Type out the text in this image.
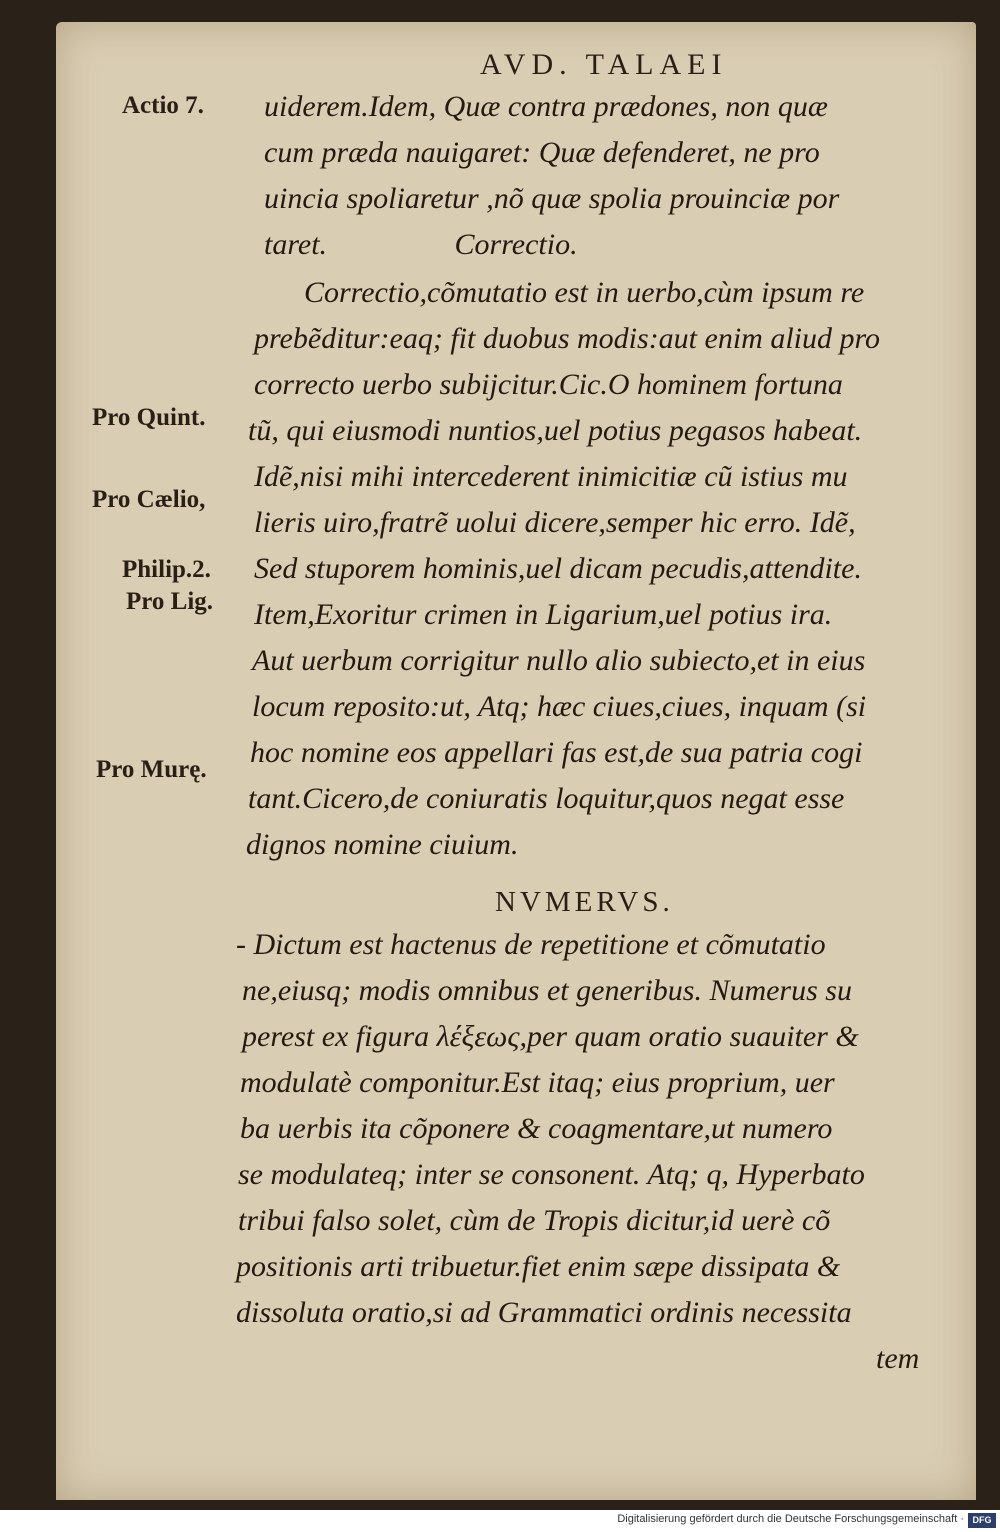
AVD. TALAEI
Actio 7.
Pro Quint.
Pro Cælio,
Philip.2.
Pro Lig.
Pro Murę.
uiderem.Idem, Quæ contra prædones, non quæ
cum præda nauigaret: Quæ defenderet, ne pro
uincia spoliaretur ,nõ quæ spolia prouinciæ por
taret.                 Correctio.
Correctio,cõmutatio est in uerbo,cùm ipsum re
prebẽditur:eaq; fit duobus modis:aut enim aliud pro
correcto uerbo subijcitur.Cic.O hominem fortuna
tũ, qui eiusmodi nuntios,uel potius pegasos habeat.
Idẽ,nisi mihi intercederent inimicitiæ cũ istius mu
lieris uiro,fratrẽ uolui dicere,semper hic erro. Idẽ,
Sed stuporem hominis,uel dicam pecudis,attendite.
Item,Exoritur crimen in Ligarium,uel potius ira.
Aut uerbum corrigitur nullo alio subiecto,et in eius
locum reposito:ut, Atq; hæc ciues,ciues, inquam (si
hoc nomine eos appellari fas est,de sua patria cogi
tant.Cicero,de coniuratis loquitur,quos negat esse
dignos nomine ciuium.
NVMERVS.
- Dictum est hactenus de repetitione et cõmutatio
ne,eiusq; modis omnibus et generibus. Numerus su
perest ex figura λέξεως,per quam oratio suauiter &
modulatè componitur.Est itaq; eius proprium, uer
ba uerbis ita cõponere & coagmentare,ut numero
se modulateq; inter se consonent. Atq; q, Hyperbato
tribui falso solet, cùm de Tropis dicitur,id uerè cõ
positionis arti tribuetur.fiet enim sæpe dissipata &
dissoluta oratio,si ad Grammatici ordinis necessita
tem
Digitalisierung gefördert durch die Deutsche Forschungsgemeinschaft · DFG
